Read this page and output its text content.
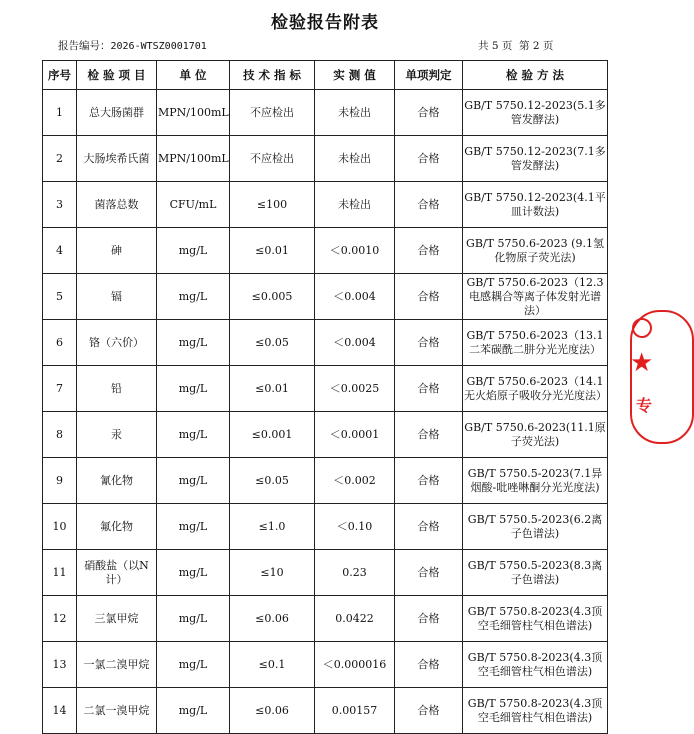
检验报告附表
报告编号：2026-WTSZ0001701	共 5 页  第 2 页
序号	检 验 项 目	单 位	技 术 指 标	实 测 值	单项判定	检 验 方 法
1	总大肠菌群	MPN/100mL	不应检出	未检出	合格	GB/T 5750.12-2023(5.1多管发酵法)
2	大肠埃希氏菌	MPN/100mL	不应检出	未检出	合格	GB/T 5750.12-2023(7.1多管发酵法)
3	菌落总数	CFU/mL	≤100	未检出	合格	GB/T 5750.12-2023(4.1平皿计数法)
4	砷	mg/L	≤0.01	＜0.0010	合格	GB/T 5750.6-2023 (9.1氢化物原子荧光法)
5	镉	mg/L	≤0.005	＜0.004	合格	GB/T 5750.6-2023（12.3电感耦合等离子体发射光谱法）
6	铬（六价）	mg/L	≤0.05	＜0.004	合格	GB/T 5750.6-2023（13.1 二苯碳酰二肼分光光度法）
7	铅	mg/L	≤0.01	＜0.0025	合格	GB/T 5750.6-2023（14.1 无火焰原子吸收分光光度法）
8	汞	mg/L	≤0.001	＜0.0001	合格	GB/T 5750.6-2023(11.1原子荧光法)
9	氰化物	mg/L	≤0.05	＜0.002	合格	GB/T 5750.5-2023(7.1异烟酸-吡唑啉酮分光光度法)
10	氟化物	mg/L	≤1.0	＜0.10	合格	GB/T 5750.5-2023(6.2离子色谱法)
11	硝酸盐（以N计）	mg/L	≤10	0.23	合格	GB/T 5750.5-2023(8.3离子色谱法)
12	三氯甲烷	mg/L	≤0.06	0.0422	合格	GB/T 5750.8-2023(4.3顶空毛细管柱气相色谱法)
13	一氯二溴甲烷	mg/L	≤0.1	＜0.000016	合格	GB/T 5750.8-2023(4.3顶空毛细管柱气相色谱法)
14	二氯一溴甲烷	mg/L	≤0.06	0.00157	合格	GB/T 5750.8-2023(4.3顶空毛细管柱气相色谱法)
★
专
